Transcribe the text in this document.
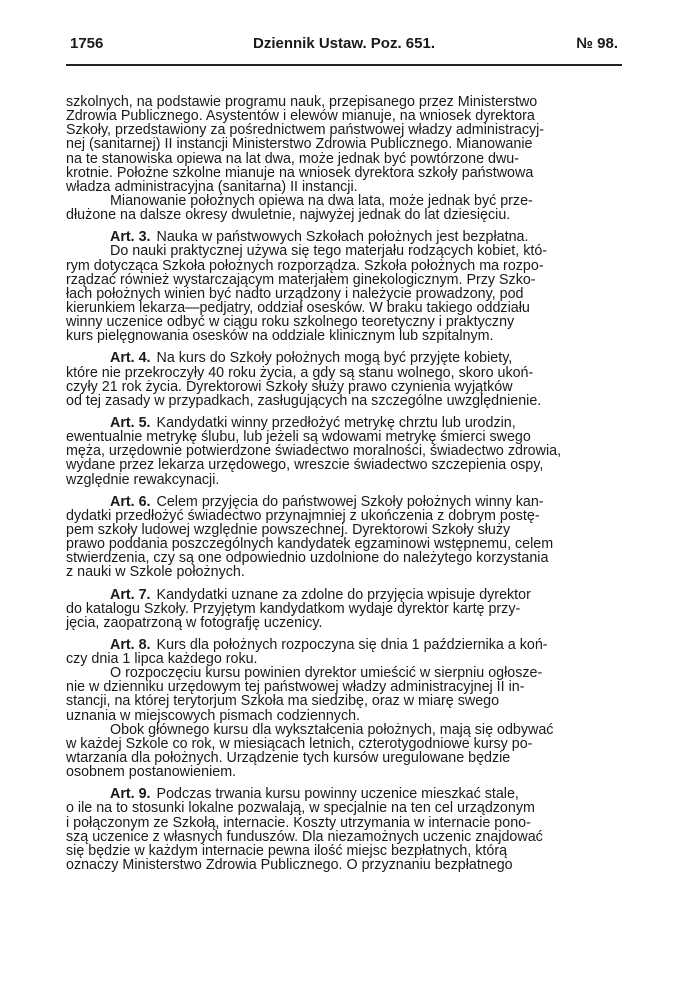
1756	Dziennik Ustaw. Poz. 651.	№ 98.
szkolnych, na podstawie programu nauk, przepisanego przez Ministerstwo
Zdrowia Publicznego. Asystentów i elewów mianuje, na wniosek dyrektora
Szkoły, przedstawiony za pośrednictwem państwowej władzy administracyj-
nej (sanitarnej) II instancji Ministerstwo Zdrowia Publicznego. Mianowanie
na te stanowiska opiewa na lat dwa, może jednak być powtórzone dwu-
krotnie. Położne szkolne mianuje na wniosek dyrektora szkoły państwowa
władza administracyjna (sanitarna) II instancji.
Mianowanie położnych opiewa na dwa lata, może jednak być prze-
dłużone na dalsze okresy dwuletnie, najwyżej jednak do lat dziesięciu.
Art. 3. Nauka w państwowych Szkołach położnych jest bezpłatna.
Do nauki praktycznej używa się tego materjału rodzących kobiet, któ-
rym dotycząca Szkoła położnych rozporządza. Szkoła położnych ma rozpo-
rządzać również wystarczającym materjałem ginekologicznym. Przy Szko-
łach położnych winien być nadto urządzony i należycie prowadzony, pod
kierunkiem lekarza—pedjatry, oddział osesków. W braku takiego oddziału
winny uczenice odbyć w ciągu roku szkolnego teoretyczny i praktyczny
kurs pielęgnowania osesków na oddziale klinicznym lub szpitalnym.
Art. 4. Na kurs do Szkoły położnych mogą być przyjęte kobiety,
które nie przekroczyły 40 roku życia, a gdy są stanu wolnego, skoro ukoń-
czyły 21 rok życia. Dyrektorowi Szkoły służy prawo czynienia wyjątków
od tej zasady w przypadkach, zasługujących na szczególne uwzględnienie.
Art. 5. Kandydatki winny przedłożyć metrykę chrztu lub urodzin,
ewentualnie metrykę ślubu, lub jeżeli są wdowami metrykę śmierci swego
męża, urzędownie potwierdzone świadectwo moralności, świadectwo zdrowia,
wydane przez lekarza urzędowego, wreszcie świadectwo szczepienia ospy,
względnie rewakcynacji.
Art. 6. Celem przyjęcia do państwowej Szkoły położnych winny kan-
dydatki przedłożyć świadectwo przynajmniej z ukończenia z dobrym postę-
pem szkoły ludowej względnie powszechnej. Dyrektorowi Szkoły służy
prawo poddania poszczególnych kandydatek egzaminowi wstępnemu, celem
stwierdzenia, czy są one odpowiednio uzdolnione do należytego korzystania
z nauki w Szkole położnych.
Art. 7. Kandydatki uznane za zdolne do przyjęcia wpisuje dyrektor
do katalogu Szkoły. Przyjętym kandydatkom wydaje dyrektor kartę przy-
jęcia, zaopatrzoną w fotografję uczenicy.
Art. 8. Kurs dla położnych rozpoczyna się dnia 1 października a koń-
czy dnia 1 lipca każdego roku.
O rozpoczęciu kursu powinien dyrektor umieścić w sierpniu ogłosze-
nie w dzienniku urzędowym tej państwowej władzy administracyjnej II in-
stancji, na której terytorjum Szkoła ma siedzibę, oraz w miarę swego
uznania w miejscowych pismach codziennych.
Obok głównego kursu dla wykształcenia położnych, mają się odbywać
w każdej Szkole co rok, w miesiącach letnich, czterotygodniowe kursy po-
wtarzania dla położnych. Urządzenie tych kursów uregulowane będzie
osobnem postanowieniem.
Art. 9. Podczas trwania kursu powinny uczenice mieszkać stale,
o ile na to stosunki lokalne pozwalają, w specjalnie na ten cel urządzonym
i połączonym ze Szkołą, internacie. Koszty utrzymania w internacie pono-
szą uczenice z własnych funduszów. Dla niezamożnych uczenic znajdować
się będzie w każdym internacie pewna ilość miejsc bezpłatnych, którą
oznaczy Ministerstwo Zdrowia Publicznego. O przyznaniu bezpłatnego
